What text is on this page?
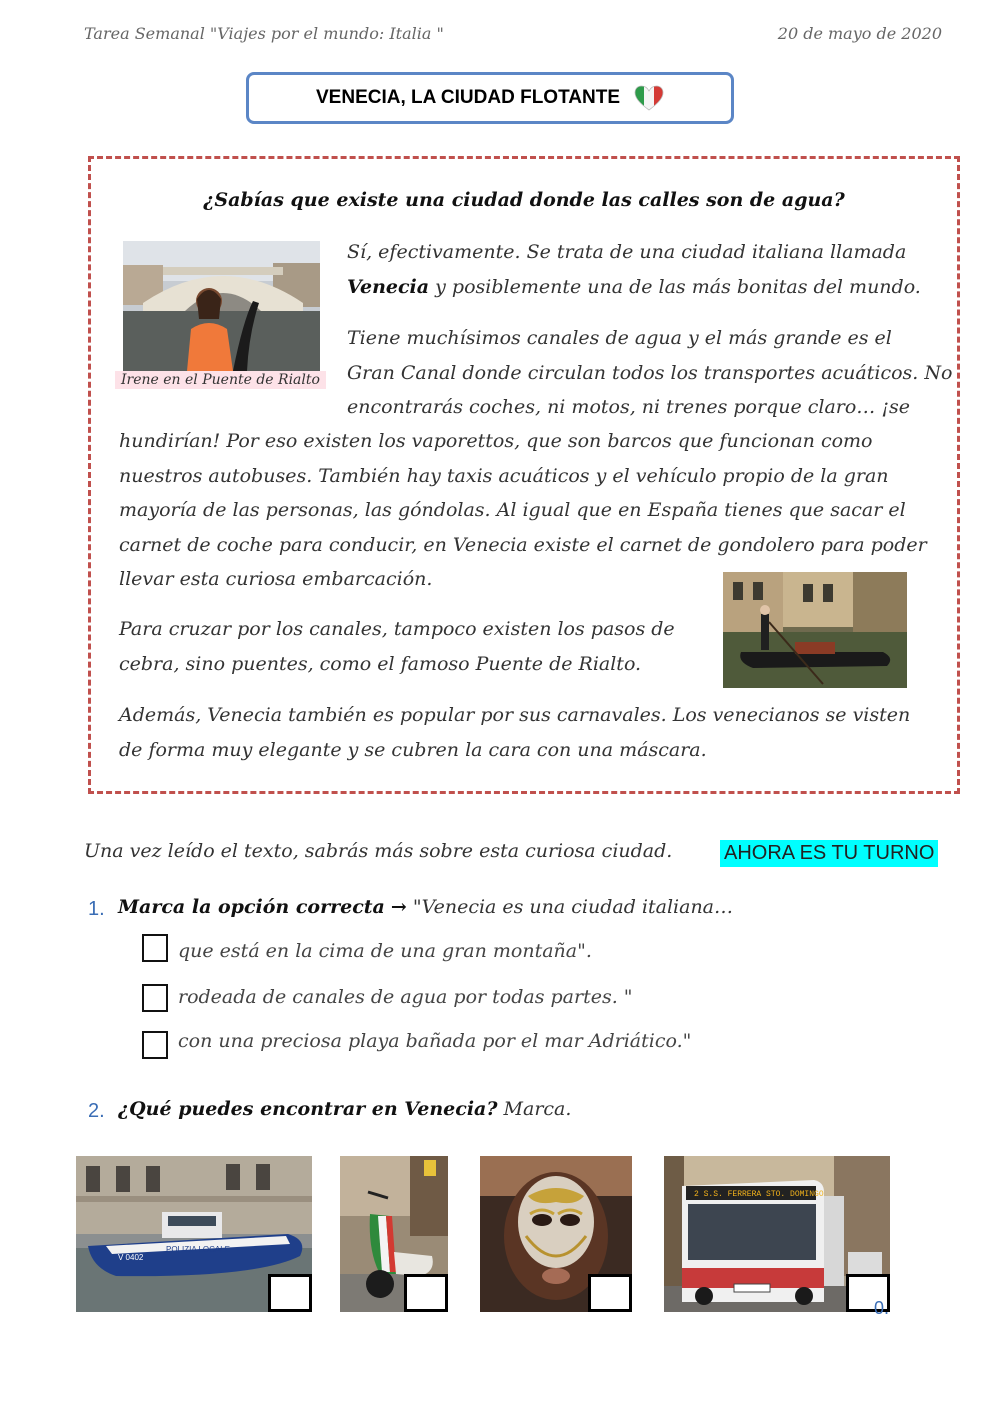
Tarea Semanal "Viajes por el mundo: Italia "	20 de mayo de 2020
VENECIA, LA CIUDAD FLOTANTE
¿Sabías que existe una ciudad donde las calles son de agua?
Irene en el Puente de Rialto
Sí, efectivamente. Se trata de una ciudad italiana llamada
Venecia y posiblemente una de las más bonitas del mundo.
Tiene muchísimos canales de agua y el más grande es el
Gran Canal donde circulan todos los transportes acuáticos. No
encontrarás coches, ni motos, ni trenes porque claro… ¡se
hundirían! Por eso existen los vaporettos, que son barcos que funcionan como
nuestros autobuses. También hay taxis acuáticos y el vehículo propio de la gran
mayoría de las personas, las góndolas. Al igual que en España tienes que sacar el
carnet de coche para conducir, en Venecia existe el carnet de gondolero para poder
llevar esta curiosa embarcación.
Para cruzar por los canales, tampoco existen los pasos de
cebra, sino puentes, como el famoso Puente de Rialto.
Además, Venecia también es popular por sus carnavales. Los venecianos se visten
de forma muy elegante y se cubren la cara con una máscara.
Una vez leído el texto, sabrás más sobre esta curiosa ciudad.	AHORA ES TU TURNO
1. Marca la opción correcta → "Venecia es una ciudad italiana…
que está en la cima de una gran montaña".
rodeada de canales de agua por todas partes. "
con una preciosa playa bañada por el mar Adriático."
2. ¿Qué puedes encontrar en Venecia? Marca.
POLIZIA LOCALE
V 0402
2 S.S. FERRERA STO. DOMINGO
0.
